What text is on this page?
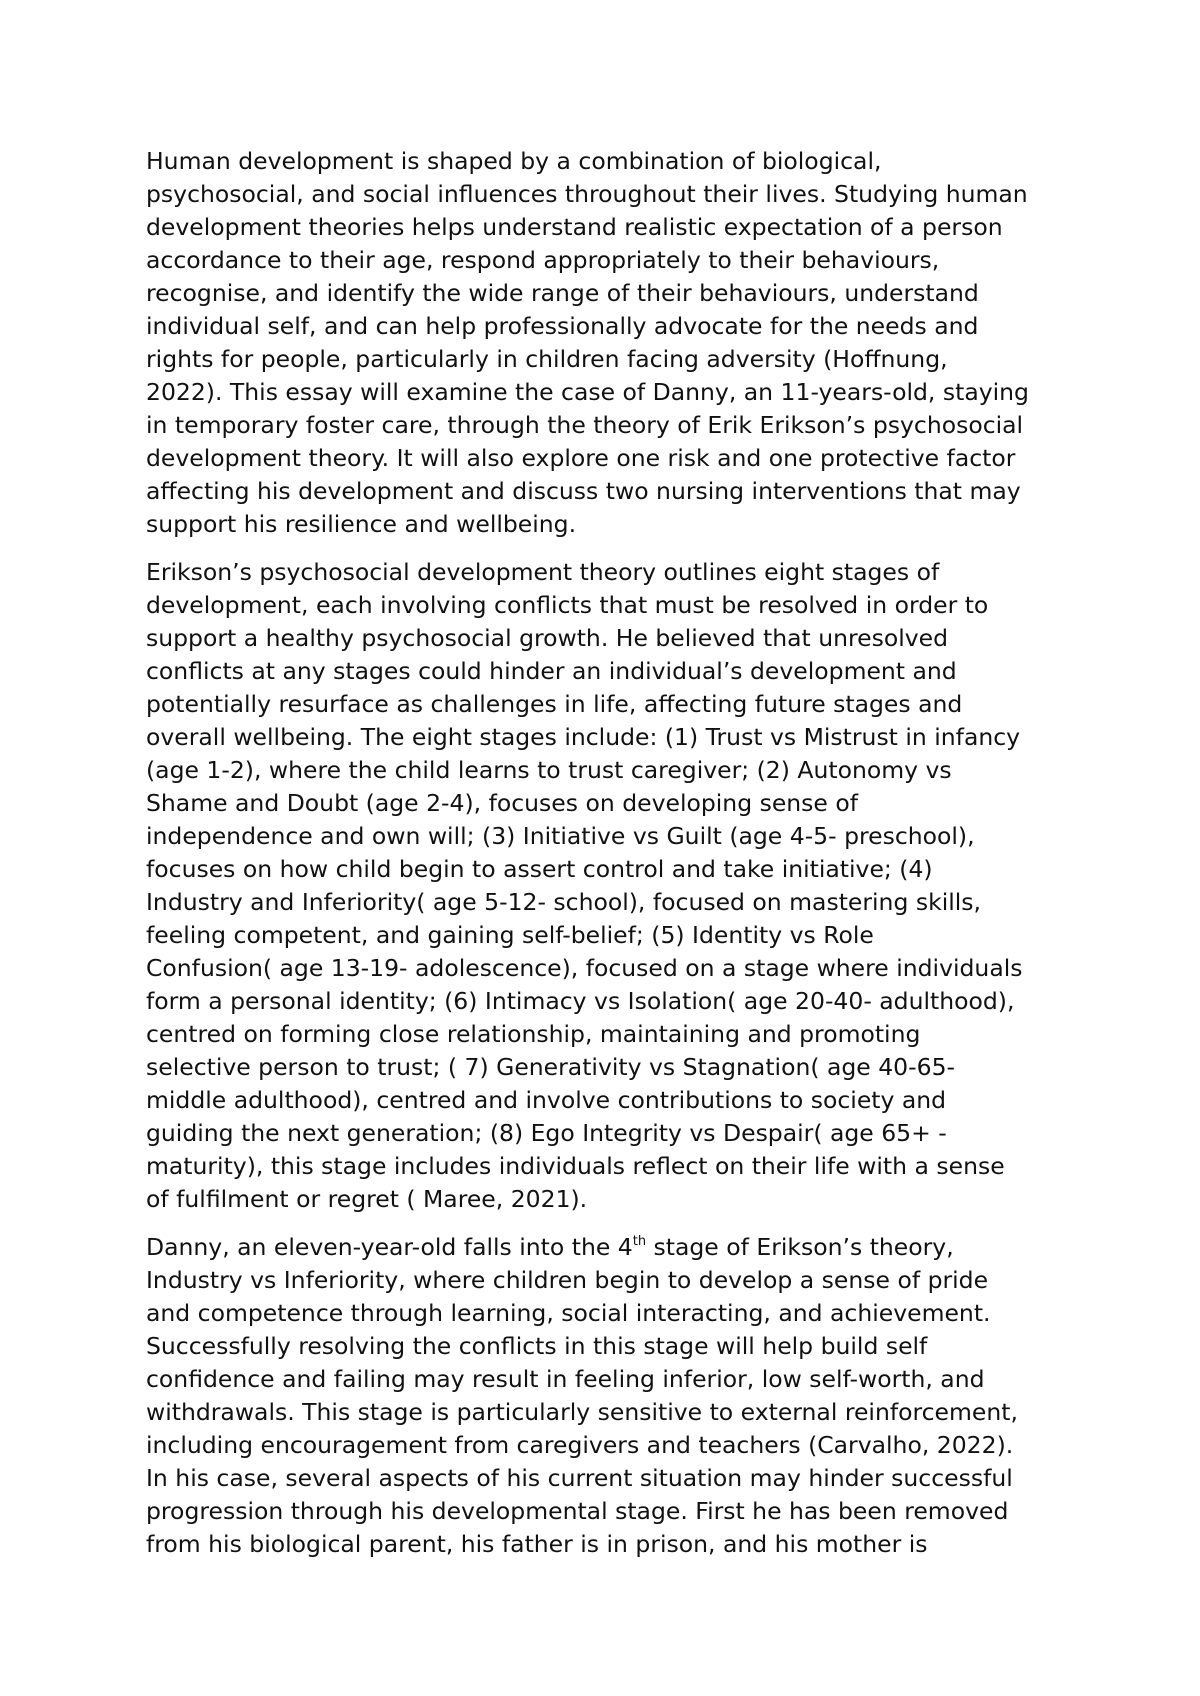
Human development is shaped by a combination of biological,
psychosocial, and social influences throughout their lives. Studying human
development theories helps understand realistic expectation of a person
accordance to their age, respond appropriately to their behaviours,
recognise, and identify the wide range of their behaviours, understand
individual self, and can help professionally advocate for the needs and
rights for people, particularly in children facing adversity (Hoffnung,
2022). This essay will examine the case of Danny, an 11-years-old, staying
in temporary foster care, through the theory of Erik Erikson’s psychosocial
development theory. It will also explore one risk and one protective factor
affecting his development and discuss two nursing interventions that may
support his resilience and wellbeing.

Erikson’s psychosocial development theory outlines eight stages of
development, each involving conflicts that must be resolved in order to
support a healthy psychosocial growth. He believed that unresolved
conflicts at any stages could hinder an individual’s development and
potentially resurface as challenges in life, affecting future stages and
overall wellbeing. The eight stages include: (1) Trust vs Mistrust in infancy
(age 1-2), where the child learns to trust caregiver; (2) Autonomy vs
Shame and Doubt (age 2-4), focuses on developing sense of
independence and own will; (3) Initiative vs Guilt (age 4-5- preschool),
focuses on how child begin to assert control and take initiative; (4)
Industry and Inferiority( age 5-12- school), focused on mastering skills,
feeling competent, and gaining self-belief; (5) Identity vs Role
Confusion( age 13-19- adolescence), focused on a stage where individuals
form a personal identity; (6) Intimacy vs Isolation( age 20-40- adulthood),
centred on forming close relationship, maintaining and promoting
selective person to trust; ( 7) Generativity vs Stagnation( age 40-65-
middle adulthood), centred and involve contributions to society and
guiding the next generation; (8) Ego Integrity vs Despair( age 65+ -
maturity), this stage includes individuals reflect on their life with a sense
of fulfilment or regret ( Maree, 2021).

Danny, an eleven-year-old falls into the 4th stage of Erikson’s theory,
Industry vs Inferiority, where children begin to develop a sense of pride
and competence through learning, social interacting, and achievement.
Successfully resolving the conflicts in this stage will help build self
confidence and failing may result in feeling inferior, low self-worth, and
withdrawals. This stage is particularly sensitive to external reinforcement,
including encouragement from caregivers and teachers (Carvalho, 2022).
In his case, several aspects of his current situation may hinder successful
progression through his developmental stage. First he has been removed
from his biological parent, his father is in prison, and his mother is
